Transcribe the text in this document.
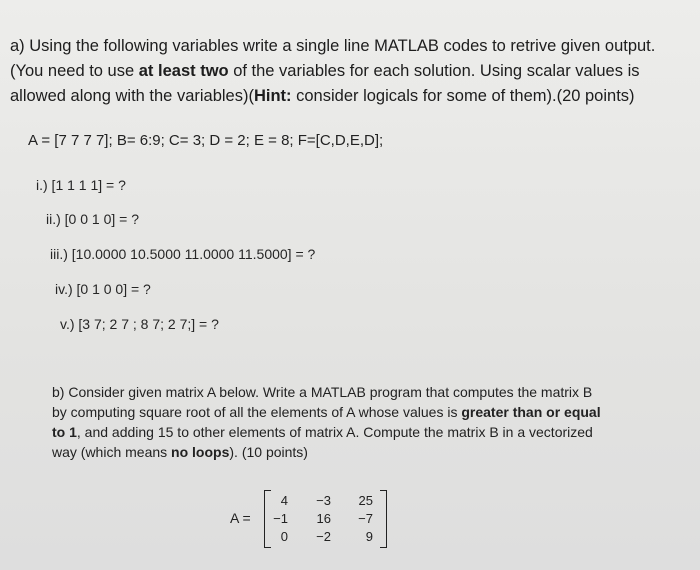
a) Using the following variables write a single line MATLAB codes to retrive given output.
(You need to use at least two of the variables for each solution. Using scalar values is
allowed along with the variables)(Hint: consider logicals for some of them).(20 points)
A = [7 7 7 7]; B= 6:9; C= 3; D = 2; E = 8; F=[C,D,E,D];
i.) [1 1 1 1] = ?
ii.) [0 0 1 0] = ?
iii.) [10.0000 10.5000 11.0000 11.5000] = ?
iv.) [0 1 0 0] = ?
v.) [3 7; 2 7 ; 8 7; 2 7;] = ?
b) Consider given matrix A below. Write a MATLAB program that computes the matrix B
by computing square root of all the elements of A whose values is greater than or equal
to 1, and adding 15 to other elements of matrix A. Compute the matrix B in a vectorized
way (which means no loops). (10 points)
A =
4	−3	25
−1	16	−7
0	−2	9
